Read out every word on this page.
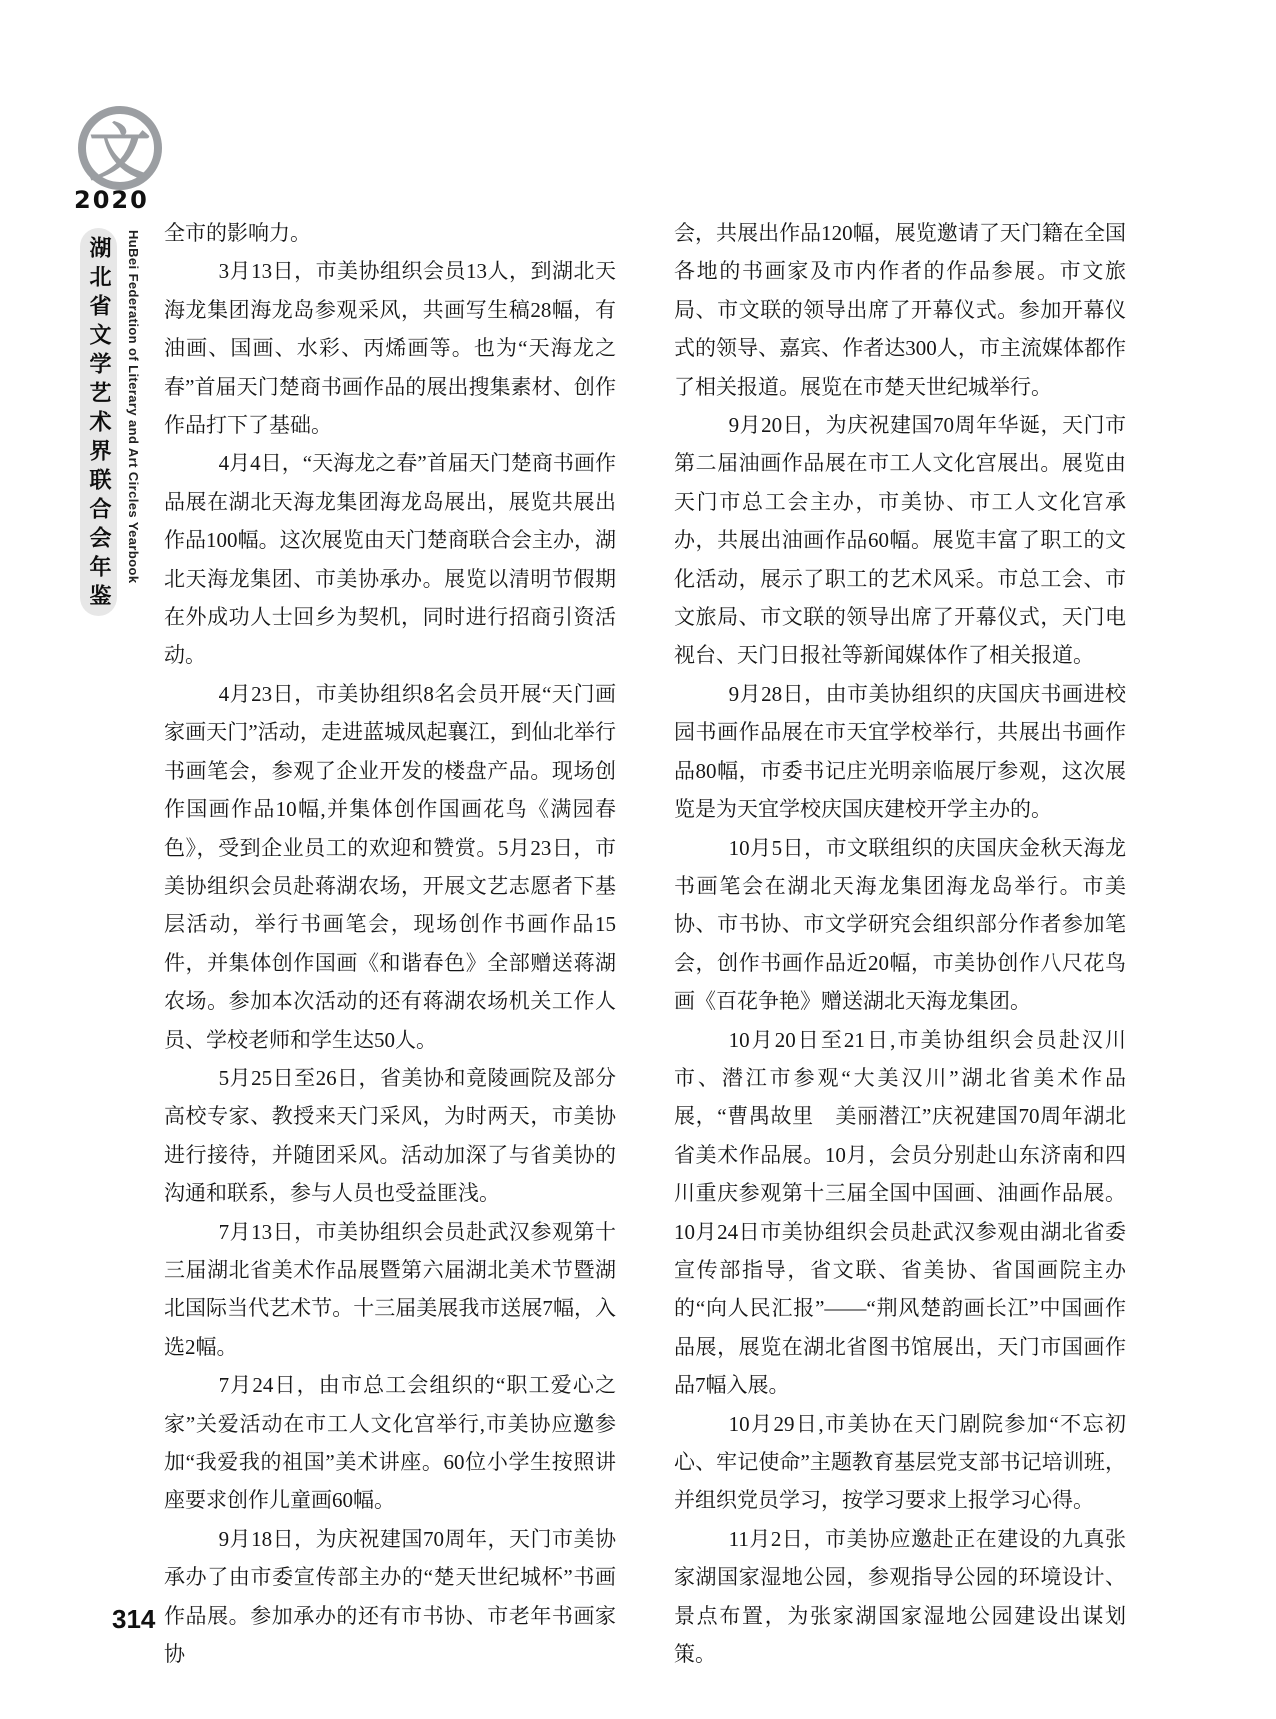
文
2020
湖北省文学艺术界联合会年鉴 HuBei Federation of Literary and Art Circles Yearbook 全市的影响力。

3月13日，市美协组织会员13人，到湖北天海龙集团海龙岛参观采风，共画写生稿28幅，有油画、国画、水彩、丙烯画等。也为“天海龙之春”首届天门楚商书画作品的展出搜集素材、创作作品打下了基础。

4月4日，“天海龙之春”首届天门楚商书画作品展在湖北天海龙集团海龙岛展出，展览共展出作品100幅。这次展览由天门楚商联合会主办，湖北天海龙集团、市美协承办。展览以清明节假期在外成功人士回乡为契机，同时进行招商引资活动。

4月23日，市美协组织8名会员开展“天门画家画天门”活动，走进蓝城凤起襄江，到仙北举行书画笔会，参观了企业开发的楼盘产品。现场创作国画作品10幅,并集体创作国画花鸟《满园春色》，受到企业员工的欢迎和赞赏。5月23日，市美协组织会员赴蒋湖农场，开展文艺志愿者下基层活动，举行书画笔会，现场创作书画作品15件，并集体创作国画《和谐春色》全部赠送蒋湖农场。参加本次活动的还有蒋湖农场机关工作人员、学校老师和学生达50人。

5月25日至26日，省美协和竟陵画院及部分高校专家、教授来天门采风，为时两天，市美协进行接待，并随团采风。活动加深了与省美协的沟通和联系，参与人员也受益匪浅。

7月13日，市美协组织会员赴武汉参观第十三届湖北省美术作品展暨第六届湖北美术节暨湖北国际当代艺术节。十三届美展我市送展7幅，入选2幅。

7月24日，由市总工会组织的“职工爱心之家”关爱活动在市工人文化宫举行,市美协应邀参加“我爱我的祖国”美术讲座。60位小学生按照讲座要求创作儿童画60幅。

9月18日，为庆祝建国70周年，天门市美协承办了由市委宣传部主办的“楚天世纪城杯”书画作品展。参加承办的还有市书协、市老年书画家协

会，共展出作品120幅，展览邀请了天门籍在全国各地的书画家及市内作者的作品参展。市文旅局、市文联的领导出席了开幕仪式。参加开幕仪式的领导、嘉宾、作者达300人，市主流媒体都作了相关报道。展览在市楚天世纪城举行。

9月20日，为庆祝建国70周年华诞，天门市第二届油画作品展在市工人文化宫展出。展览由天门市总工会主办，市美协、市工人文化宫承办，共展出油画作品60幅。展览丰富了职工的文化活动，展示了职工的艺术风采。市总工会、市文旅局、市文联的领导出席了开幕仪式，天门电视台、天门日报社等新闻媒体作了相关报道。

9月28日，由市美协组织的庆国庆书画进校园书画作品展在市天宜学校举行，共展出书画作品80幅，市委书记庄光明亲临展厅参观，这次展览是为天宜学校庆国庆建校开学主办的。

10月5日，市文联组织的庆国庆金秋天海龙书画笔会在湖北天海龙集团海龙岛举行。市美协、市书协、市文学研究会组织部分作者参加笔会，创作书画作品近20幅，市美协创作八尺花鸟画《百花争艳》赠送湖北天海龙集团。

10月20日至21日,市美协组织会员赴汉川市、潜江市参观“大美汉川”湖北省美术作品展，“曹禺故里　美丽潜江”庆祝建国70周年湖北省美术作品展。10月，会员分别赴山东济南和四川重庆参观第十三届全国中国画、油画作品展。10月24日市美协组织会员赴武汉参观由湖北省委宣传部指导，省文联、省美协、省国画院主办的“向人民汇报”——“荆风楚韵画长江”中国画作品展，展览在湖北省图书馆展出，天门市国画作品7幅入展。

10月29日,市美协在天门剧院参加“不忘初心、牢记使命”主题教育基层党支部书记培训班，并组织党员学习，按学习要求上报学习心得。

11月2日，市美协应邀赴正在建设的九真张家湖国家湿地公园，参观指导公园的环境设计、景点布置，为张家湖国家湿地公园建设出谋划策。

314
